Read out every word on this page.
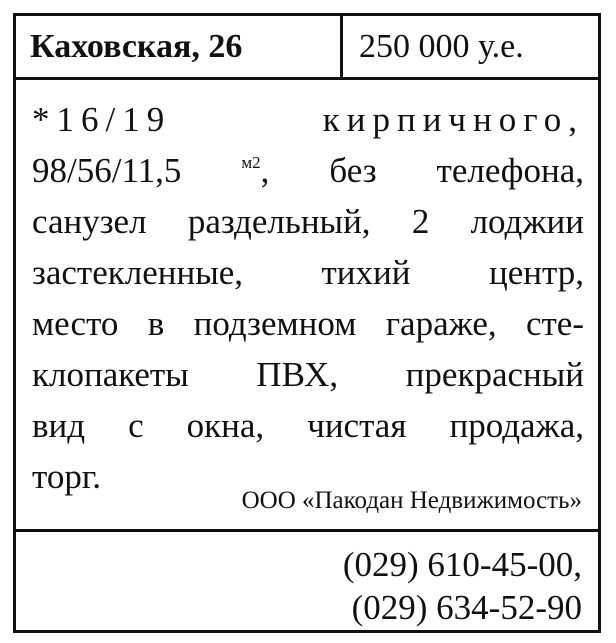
Каховская, 26	250 000 у.е.
*16/19 кирпичного,
98/56/11,5	$^{м2}$, без телефона,
санузел раздельный, 2 лоджии
застекленные, тихий центр,
место в подземном гараже, сте-
клопакеты ПВХ, прекрасный
вид с окна, чистая продажа,
торг.
ООО «Пакодан Недвижимость»
(029) 610-45-00,
(029) 634-52-90
